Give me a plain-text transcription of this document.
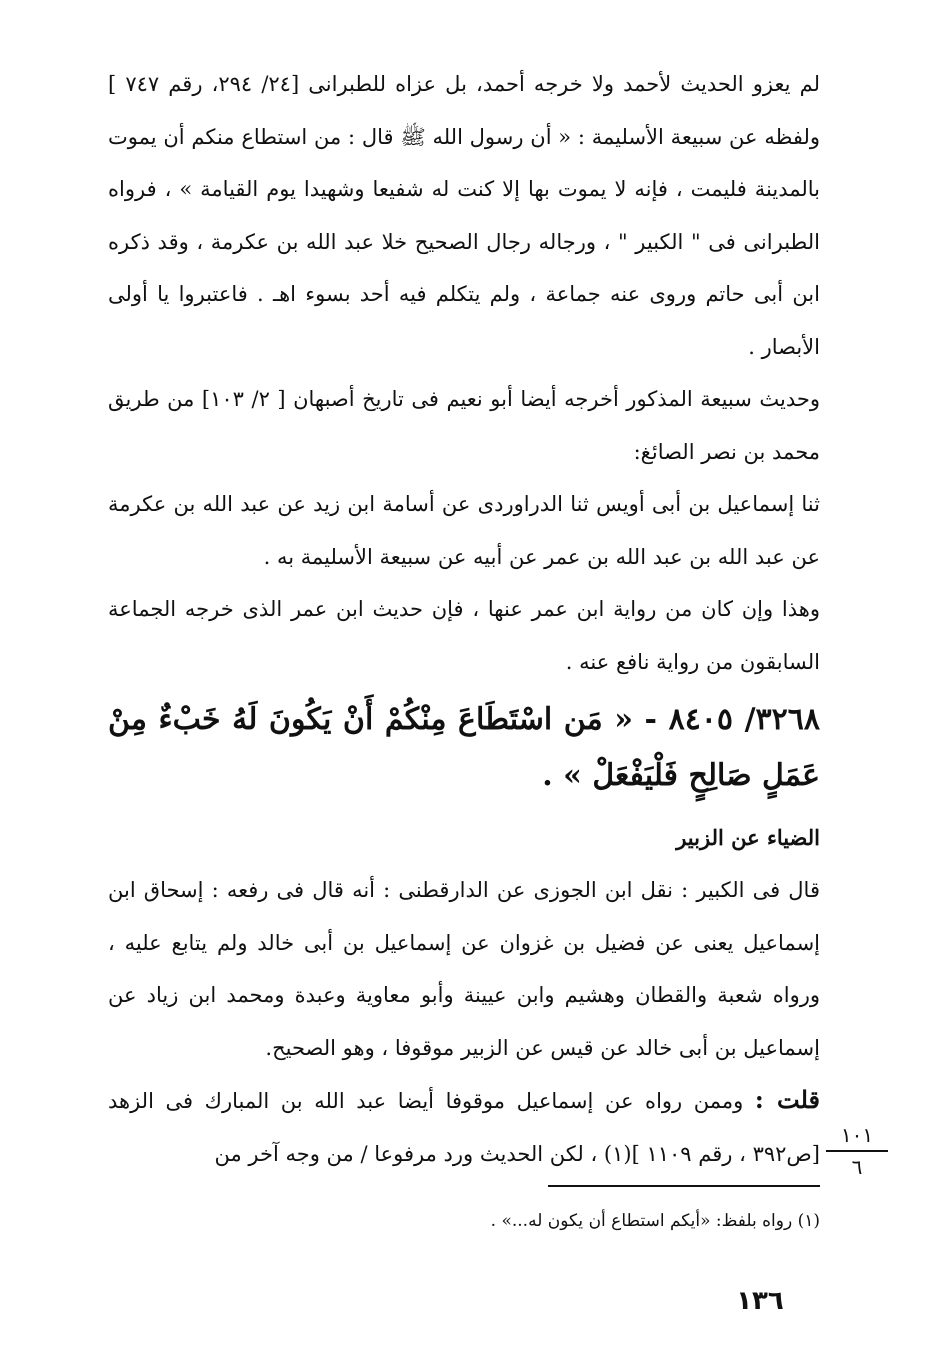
لم يعزو الحديث لأحمد ولا خرجه أحمد، بل عزاه للطبرانى [٢٤/ ٢٩٤، رقم ٧٤٧ ] ولفظه عن سبيعة الأسليمة : « أن رسول الله ﷺ قال : من استطاع منكم أن يموت بالمدينة فليمت ، فإنه لا يموت بها إلا كنت له شفيعا وشهيدا يوم القيامة » ، فرواه الطبرانى فى " الكبير " ، ورجاله رجال الصحيح خلا عبد الله بن عكرمة ، وقد ذكره ابن أبى حاتم وروى عنه جماعة ، ولم يتكلم فيه أحد بسوء اهـ . فاعتبروا يا أولى الأبصار .

وحديث سبيعة المذكور أخرجه أيضا أبو نعيم فى تاريخ أصبهان [ ٢/ ١٠٣] من طريق محمد بن نصر الصائغ:

ثنا إسماعيل بن أبى أويس ثنا الدراوردى عن أسامة ابن زيد عن عبد الله بن عكرمة عن عبد الله بن عبد الله بن عمر عن أبيه عن سبيعة الأسليمة به .

وهذا وإن كان من رواية ابن عمر عنها ، فإن حديث ابن عمر الذى خرجه الجماعة السابقون من رواية نافع عنه .

٣٢٦٨/ ٨٤٠٥ - « مَن اسْتَطَاعَ مِنْكُمْ أَنْ يَكُونَ لَهُ خَبْءٌ مِنْ عَمَلٍ صَالِحٍ فَلْيَفْعَلْ » .

الضياء عن الزبير

قال فى الكبير : نقل ابن الجوزى عن الدارقطنى : أنه قال فى رفعه : إسحاق ابن إسماعيل يعنى عن فضيل بن غزوان عن إسماعيل بن أبى خالد ولم يتابع عليه ، ورواه شعبة والقطان وهشيم وابن عيينة وأبو معاوية وعبدة ومحمد ابن زياد عن إسماعيل بن أبى خالد عن قيس عن الزبير موقوفا ، وهو الصحيح.

قلت : وممن رواه عن إسماعيل موقوفا أيضا عبد الله بن المبارك فى الزهد [ص٣٩٢ ، رقم ١١٠٩ ](١) ، لكن الحديث ورد مرفوعا / من وجه آخر من

١٠١
٦
(١) رواه بلفظ: «أيكم استطاع أن يكون له...» .
١٣٦
